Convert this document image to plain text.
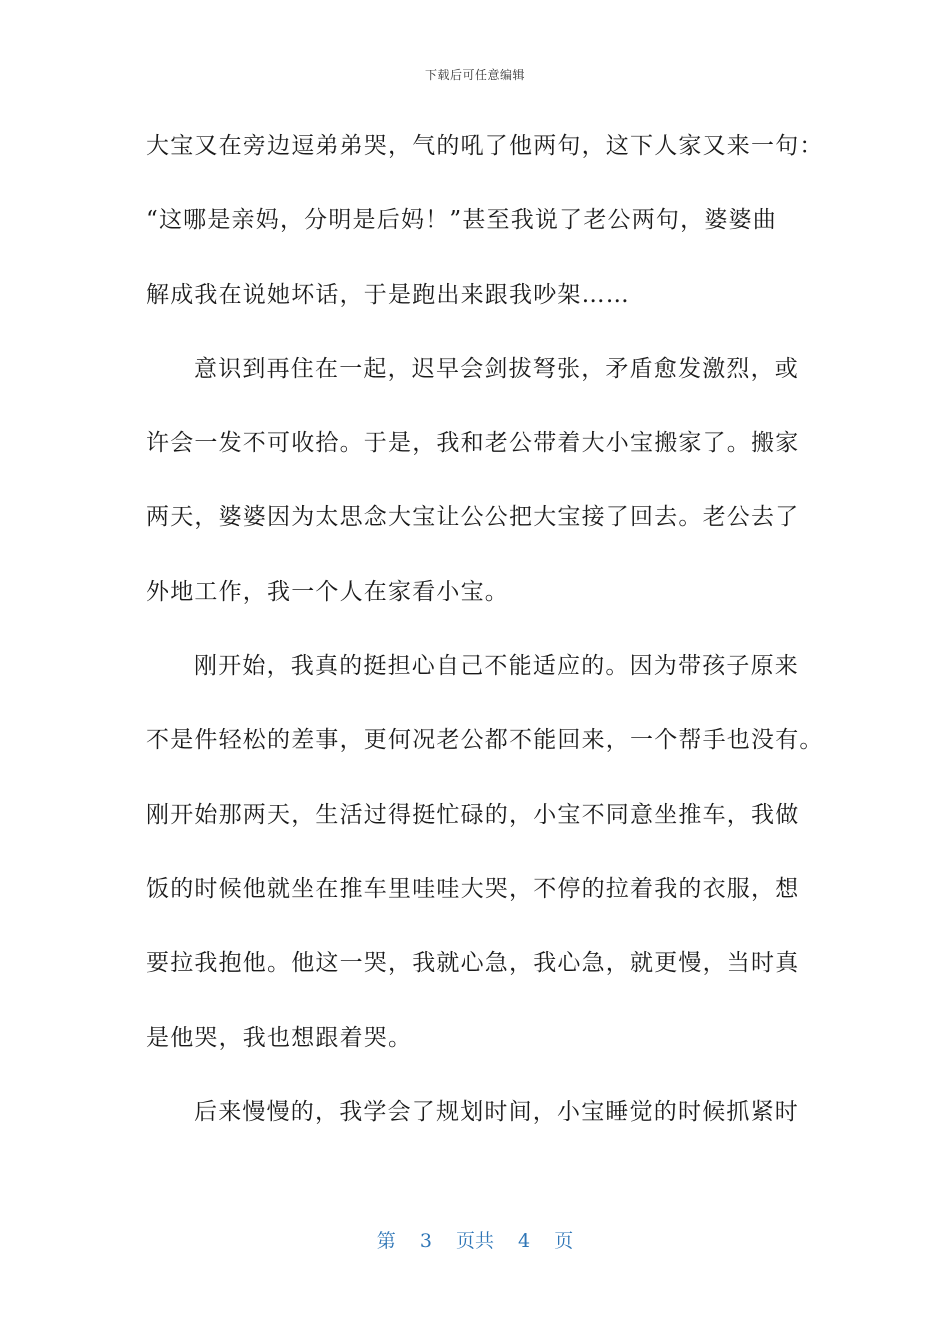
下载后可任意编辑
大宝又在旁边逗弟弟哭，气的吼了他两句，这下人家又来一句：
“这哪是亲妈，分明是后妈！”甚至我说了老公两句，婆婆曲
解成我在说她坏话，于是跑出来跟我吵架……
意识到再住在一起，迟早会剑拔弩张，矛盾愈发激烈，或
许会一发不可收拾。于是，我和老公带着大小宝搬家了。搬家
两天，婆婆因为太思念大宝让公公把大宝接了回去。老公去了
外地工作，我一个人在家看小宝。
刚开始，我真的挺担心自己不能适应的。因为带孩子原来
不是件轻松的差事，更何况老公都不能回来，一个帮手也没有。
刚开始那两天，生活过得挺忙碌的，小宝不同意坐推车，我做
饭的时候他就坐在推车里哇哇大哭，不停的拉着我的衣服，想
要拉我抱他。他这一哭，我就心急，我心急，就更慢，当时真
是他哭，我也想跟着哭。
后来慢慢的，我学会了规划时间，小宝睡觉的时候抓紧时
第 3 页共 4 页
